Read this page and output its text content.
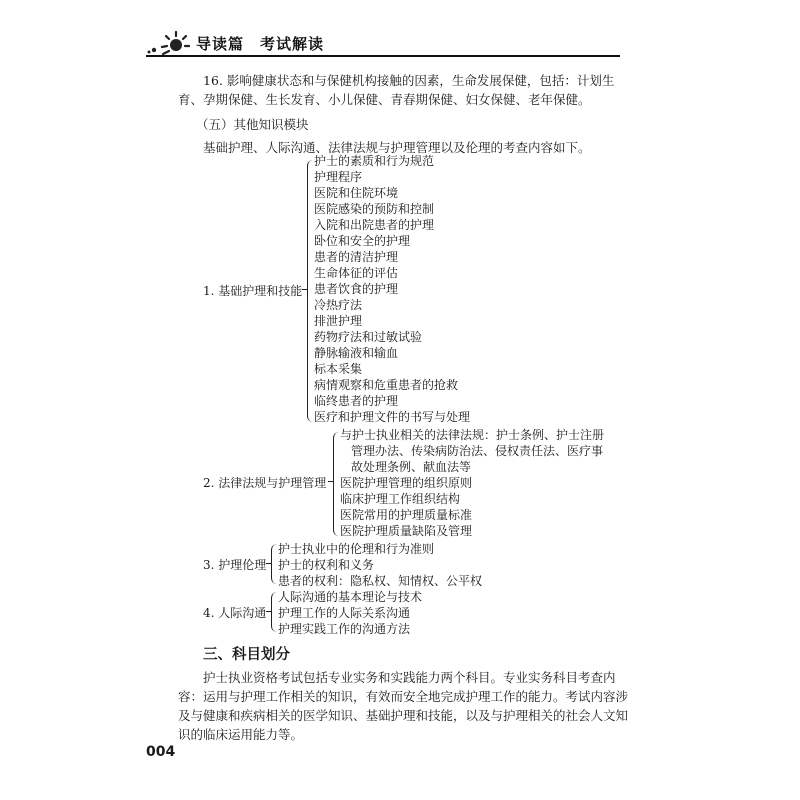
导读篇　考试解读
16. 影响健康状态和与保健机构接触的因素，生命发展保健，包括：计划生
育、孕期保健、生长发育、小儿保健、青春期保健、妇女保健、老年保健。
（五）其他知识模块
基础护理、人际沟通、法律法规与护理管理以及伦理的考查内容如下。
1. 基础护理和技能
护士的素质和行为规范
护理程序
医院和住院环境
医院感染的预防和控制
入院和出院患者的护理
卧位和安全的护理
患者的清洁护理
生命体征的评估
患者饮食的护理
冷热疗法
排泄护理
药物疗法和过敏试验
静脉输液和输血
标本采集
病情观察和危重患者的抢救
临终患者的护理
医疗和护理文件的书写与处理
2. 法律法规与护理管理
与护士执业相关的法律法规：护士条例、护士注册
管理办法、传染病防治法、侵权责任法、医疗事
故处理条例、献血法等
医院护理管理的组织原则
临床护理工作组织结构
医院常用的护理质量标准
医院护理质量缺陷及管理
3. 护理伦理
护士执业中的伦理和行为准则
护士的权利和义务
患者的权利：隐私权、知情权、公平权
4. 人际沟通
人际沟通的基本理论与技术
护理工作的人际关系沟通
护理实践工作的沟通方法
三、科目划分
护士执业资格考试包括专业实务和实践能力两个科目。专业实务科目考查内
容：运用与护理工作相关的知识，有效而安全地完成护理工作的能力。考试内容涉
及与健康和疾病相关的医学知识、基础护理和技能，以及与护理相关的社会人文知
识的临床运用能力等。
004
